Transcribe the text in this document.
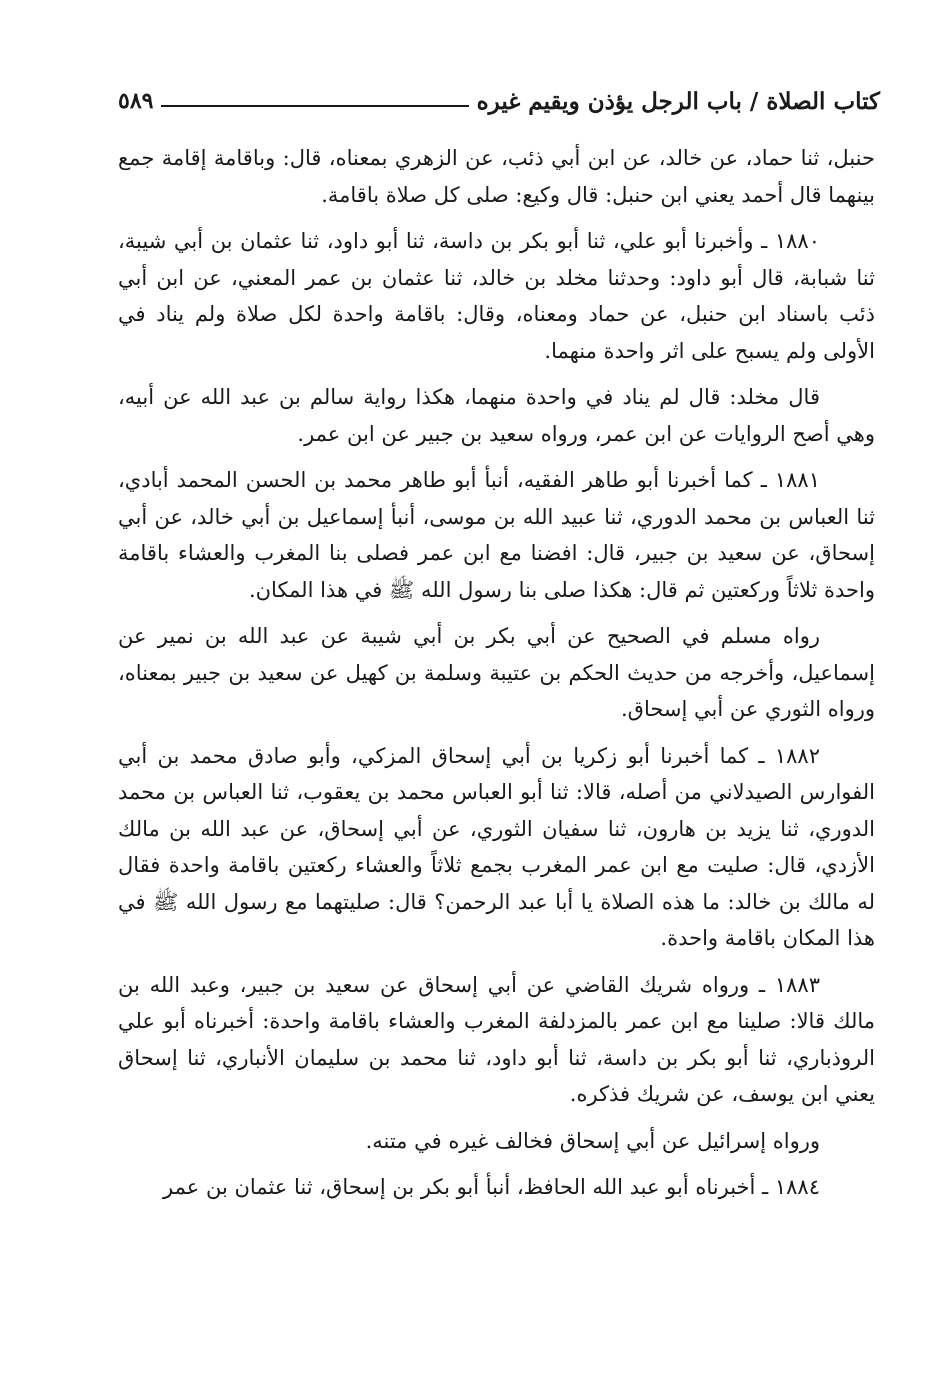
كتاب الصلاة / باب الرجل يؤذن ويقيم غيره
٥٨٩

حنبل، ثنا حماد، عن خالد، عن ابن أبي ذئب، عن الزهري بمعناه، قال: وباقامة إقامة جمع بينهما قال أحمد يعني ابن حنبل: قال وكيع: صلى كل صلاة باقامة.

١٨٨٠ ـ وأخبرنا أبو علي، ثنا أبو بكر بن داسة، ثنا أبو داود، ثنا عثمان بن أبي شيبة، ثنا شبابة، قال أبو داود: وحدثنا مخلد بن خالد، ثنا عثمان بن عمر المعني، عن ابن أبي ذئب باسناد ابن حنبل، عن حماد ومعناه، وقال: باقامة واحدة لكل صلاة ولم يناد في الأولى ولم يسبح على اثر واحدة منهما.

قال مخلد: قال لم يناد في واحدة منهما، هكذا رواية سالم بن عبد الله عن أبيه، وهي أصح الروايات عن ابن عمر، ورواه سعيد بن جبير عن ابن عمر.

١٨٨١ ـ كما أخبرنا أبو طاهر الفقيه، أنبأ أبو طاهر محمد بن الحسن المحمد أبادي، ثنا العباس بن محمد الدوري، ثنا عبيد الله بن موسى، أنبأ إسماعيل بن أبي خالد، عن أبي إسحاق، عن سعيد بن جبير، قال: افضنا مع ابن عمر فصلى بنا المغرب والعشاء باقامة واحدة ثلاثاً وركعتين ثم قال: هكذا صلى بنا رسول الله ﷺ في هذا المكان.

رواه مسلم في الصحيح عن أبي بكر بن أبي شيبة عن عبد الله بن نمير عن إسماعيل، وأخرجه من حديث الحكم بن عتيبة وسلمة بن كهيل عن سعيد بن جبير بمعناه، ورواه الثوري عن أبي إسحاق.

١٨٨٢ ـ كما أخبرنا أبو زكريا بن أبي إسحاق المزكي، وأبو صادق محمد بن أبي الفوارس الصيدلاني من أصله، قالا: ثنا أبو العباس محمد بن يعقوب، ثنا العباس بن محمد الدوري، ثنا يزيد بن هارون، ثنا سفيان الثوري، عن أبي إسحاق، عن عبد الله بن مالك الأزدي، قال: صليت مع ابن عمر المغرب بجمع ثلاثاً والعشاء ركعتين باقامة واحدة فقال له مالك بن خالد: ما هذه الصلاة يا أبا عبد الرحمن؟ قال: صليتهما مع رسول الله ﷺ في هذا المكان باقامة واحدة.

١٨٨٣ ـ ورواه شريك القاضي عن أبي إسحاق عن سعيد بن جبير، وعبد الله بن مالك قالا: صلينا مع ابن عمر بالمزدلفة المغرب والعشاء باقامة واحدة: أخبرناه أبو علي الروذباري، ثنا أبو بكر بن داسة، ثنا أبو داود، ثنا محمد بن سليمان الأنباري، ثنا إسحاق يعني ابن يوسف، عن شريك فذكره.

ورواه إسرائيل عن أبي إسحاق فخالف غيره في متنه.

١٨٨٤ ـ أخبرناه أبو عبد الله الحافظ، أنبأ أبو بكر بن إسحاق، ثنا عثمان بن عمر
